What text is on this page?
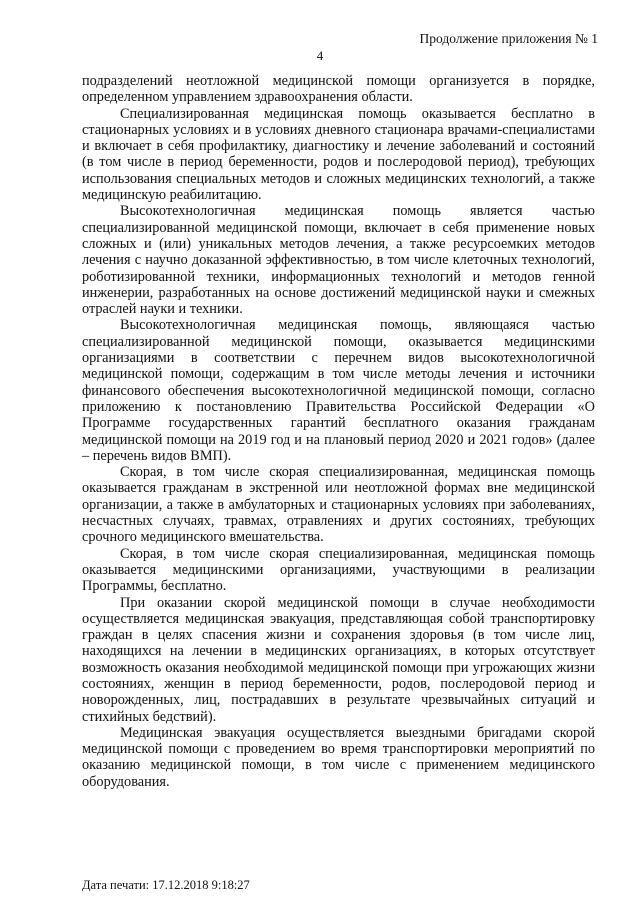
Продолжение приложения № 1
4

подразделений неотложной медицинской помощи организуется в порядке, определенном управлением здравоохранения области.

Специализированная медицинская помощь оказывается бесплатно в стационарных условиях и в условиях дневного стационара врачами-специалистами и включает в себя профилактику, диагностику и лечение заболеваний и состояний (в том числе в период беременности, родов и послеродовой период), требующих использования специальных методов и сложных медицинских технологий, а также медицинскую реабилитацию.

Высокотехнологичная медицинская помощь является частью специализированной медицинской помощи, включает в себя применение новых сложных и (или) уникальных методов лечения, а также ресурсоемких методов лечения с научно доказанной эффективностью, в том числе клеточных технологий, роботизированной техники, информационных технологий и методов генной инженерии, разработанных на основе достижений медицинской науки и смежных отраслей науки и техники.

Высокотехнологичная медицинская помощь, являющаяся частью специализированной медицинской помощи, оказывается медицинскими организациями в соответствии с перечнем видов высокотехнологичной медицинской помощи, содержащим в том числе методы лечения и источники финансового обеспечения высокотехнологичной медицинской помощи, согласно приложению к постановлению Правительства Российской Федерации «О Программе государственных гарантий бесплатного оказания гражданам медицинской помощи на 2019 год и на плановый период 2020 и 2021 годов» (далее – перечень видов ВМП).

Скорая, в том числе скорая специализированная, медицинская помощь оказывается гражданам в экстренной или неотложной формах вне медицинской организации, а также в амбулаторных и стационарных условиях при заболеваниях, несчастных случаях, травмах, отравлениях и других состояниях, требующих срочного медицинского вмешательства.

Скорая, в том числе скорая специализированная, медицинская помощь оказывается медицинскими организациями, участвующими в реализации Программы, бесплатно.

При оказании скорой медицинской помощи в случае необходимости осуществляется медицинская эвакуация, представляющая собой транспортировку граждан в целях спасения жизни и сохранения здоровья (в том числе лиц, находящихся на лечении в медицинских организациях, в которых отсутствует возможность оказания необходимой медицинской помощи при угрожающих жизни состояниях, женщин в период беременности, родов, послеродовой период и новорожденных, лиц, пострадавших в результате чрезвычайных ситуаций и стихийных бедствий).

Медицинская эвакуация осуществляется выездными бригадами скорой медицинской помощи с проведением во время транспортировки мероприятий по оказанию медицинской помощи, в том числе с применением медицинского оборудования.

Дата печати: 17.12.2018 9:18:27
